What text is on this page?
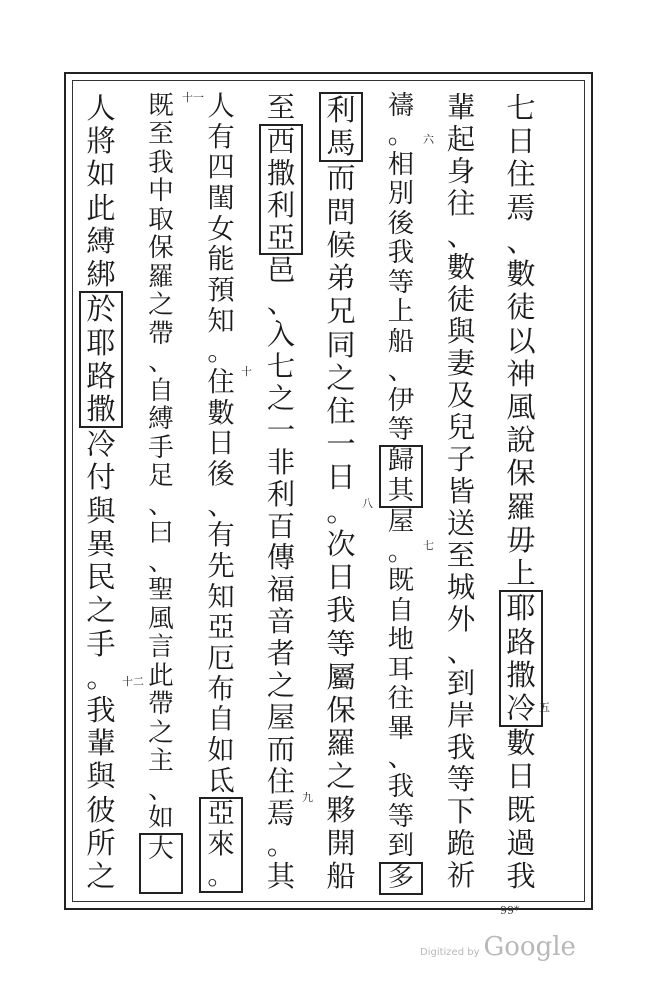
七
日
住
焉
、
數
徒
以
神
風
說
保
羅
毋
上
耶
路
撒
冷
數
日
既
過
我
輩
起
身
往
、
數
徒
與
妻
及
兒
子
皆
送
至
城
外
、
到
岸
我
等
下
跪
祈
禱
。
相
別
後
我
等
上
船
、
伊
等
歸
其
屋
。
既
自
地
耳
往
畢
、
我
等
到
多
利
馬
而
問
候
弟
兄
同
之
住
一
日
。
次
日
我
等
屬
保
羅
之
夥
開
船
至
西
撒
利
亞
邑
、
入
七
之
一
非
利
百
傳
福
音
者
之
屋
而
住
焉
。
其
人
有
四
閨
女
能
預
知
。
住
數
日
後
、
有
先
知
亞
厄
布
自
如
氐
亞
來
。
既
至
我
中
取
保
羅
之
帶
、
自
縛
手
足
、
曰
、
聖
風
言
此
帶
之
主
、
如
大
人
將
如
此
縛
綁
於
耶
路
撒
冷
付
與
異
民
之
手
。
我
輩
與
彼
所
之
五
六
七
八
九
十
十一
十二
99*
Digitized by Google
